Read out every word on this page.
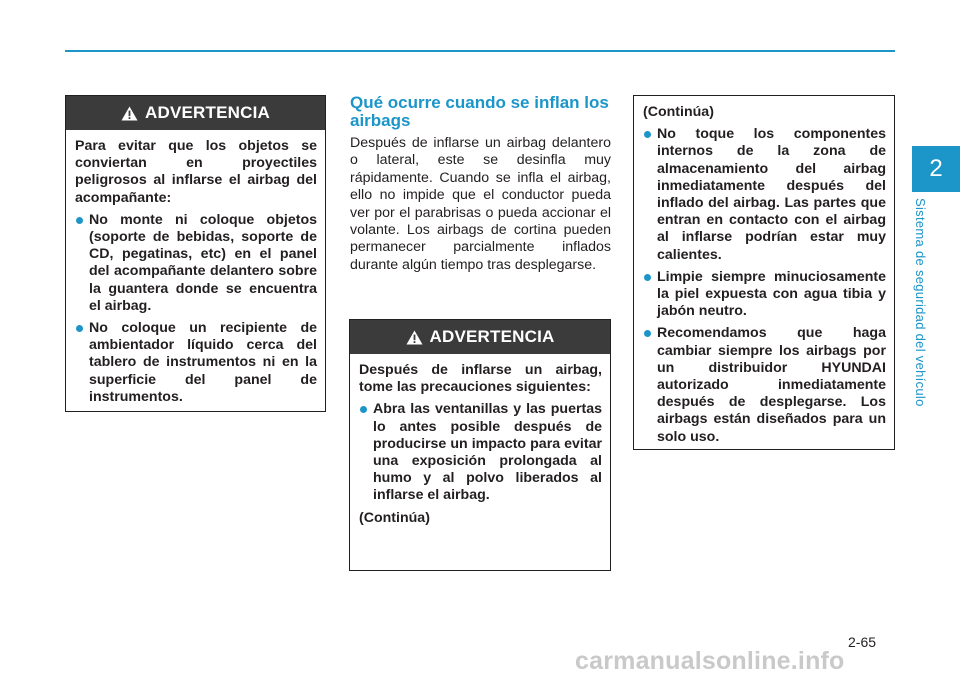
2
Sistema de seguridad del vehículo
ADVERTENCIA

Para evitar que los objetos se conviertan en proyectiles peligrosos al inflarse el airbag del acompañante:

No monte ni coloque objetos (soporte de bebidas, soporte de CD, pegatinas, etc) en el panel del acompañante delantero sobre la guantera donde se encuentra el airbag.
No coloque un recipiente de ambientador líquido cerca del tablero de instrumentos ni en la superficie del panel de instrumentos.
Qué ocurre cuando se inflan los airbags

Después de inflarse un airbag delantero o lateral, este se desinfla muy rápidamente. Cuando se infla el airbag, ello no impide que el conductor pueda ver por el parabrisas o pueda accionar el volante. Los airbags de cortina pueden permanecer parcialmente inflados durante algún tiempo tras desplegarse.

ADVERTENCIA

Después de inflarse un airbag, tome las precauciones siguientes:

Abra las ventanillas y las puertas lo antes posible después de producirse un impacto para evitar una exposición prolongada al humo y al polvo liberados al inflarse el airbag.

(Continúa)

(Continúa)

No toque los componentes internos de la zona de almacenamiento del airbag inmediatamente después del inflado del airbag. Las partes que entran en contacto con el airbag al inflarse podrían estar muy calientes.
Limpie siempre minuciosamente la piel expuesta con agua tibia y jabón neutro.
Recomendamos que haga cambiar siempre los airbags por un distribuidor HYUNDAI autorizado inmediatamente después de desplegarse. Los airbags están diseñados para un solo uso.
2-65
carmanualsonline.info
